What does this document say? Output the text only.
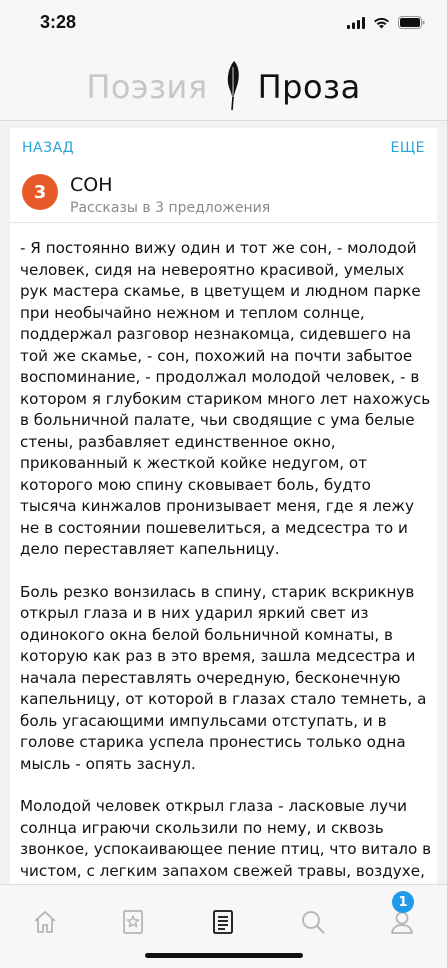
3:28
Поэзия Проза
НАЗАД	ЕЩЕ
3	СОН
Рассказы в 3 предложения

- Я постоянно вижу один и тот же сон, - молодой человек, сидя на невероятно красивой, умелых рук мастера скамье, в цветущем и людном парке при необычайно нежном и теплом солнце, поддержал разговор незнакомца, сидевшего на той же скамье, - сон, похожий на почти забытое воспоминание, - продолжал молодой человек, - в котором я глубоким стариком много лет нахожусь в больничной палате, чьи сводящие с ума белые стены, разбавляет единственное окно, прикованный к жесткой койке недугом, от которого мою спину сковывает боль, будто тысяча кинжалов пронизывает меня, где я лежу не в состоянии пошевелиться, а медсестра то и дело переставляет капельницу.

Боль резко вонзилась в спину, старик вскрикнув открыл глаза и в них ударил яркий свет из одинокого окна белой больничной комнаты, в которую как раз в это время, зашла медсестра и начала переставлять очередную, бесконечную капельницу, от которой в глазах стало темнеть, а боль угасающими импульсами отступать, и в голове старика успела пронестись только одна мысль - опять заснул.

Молодой человек открыл глаза - ласковые лучи солнца играючи скользили по нему, и сквозь звонкое, успокаивающее пение птиц, что витало в чистом, с легким запахом свежей травы, воздухе,

1
